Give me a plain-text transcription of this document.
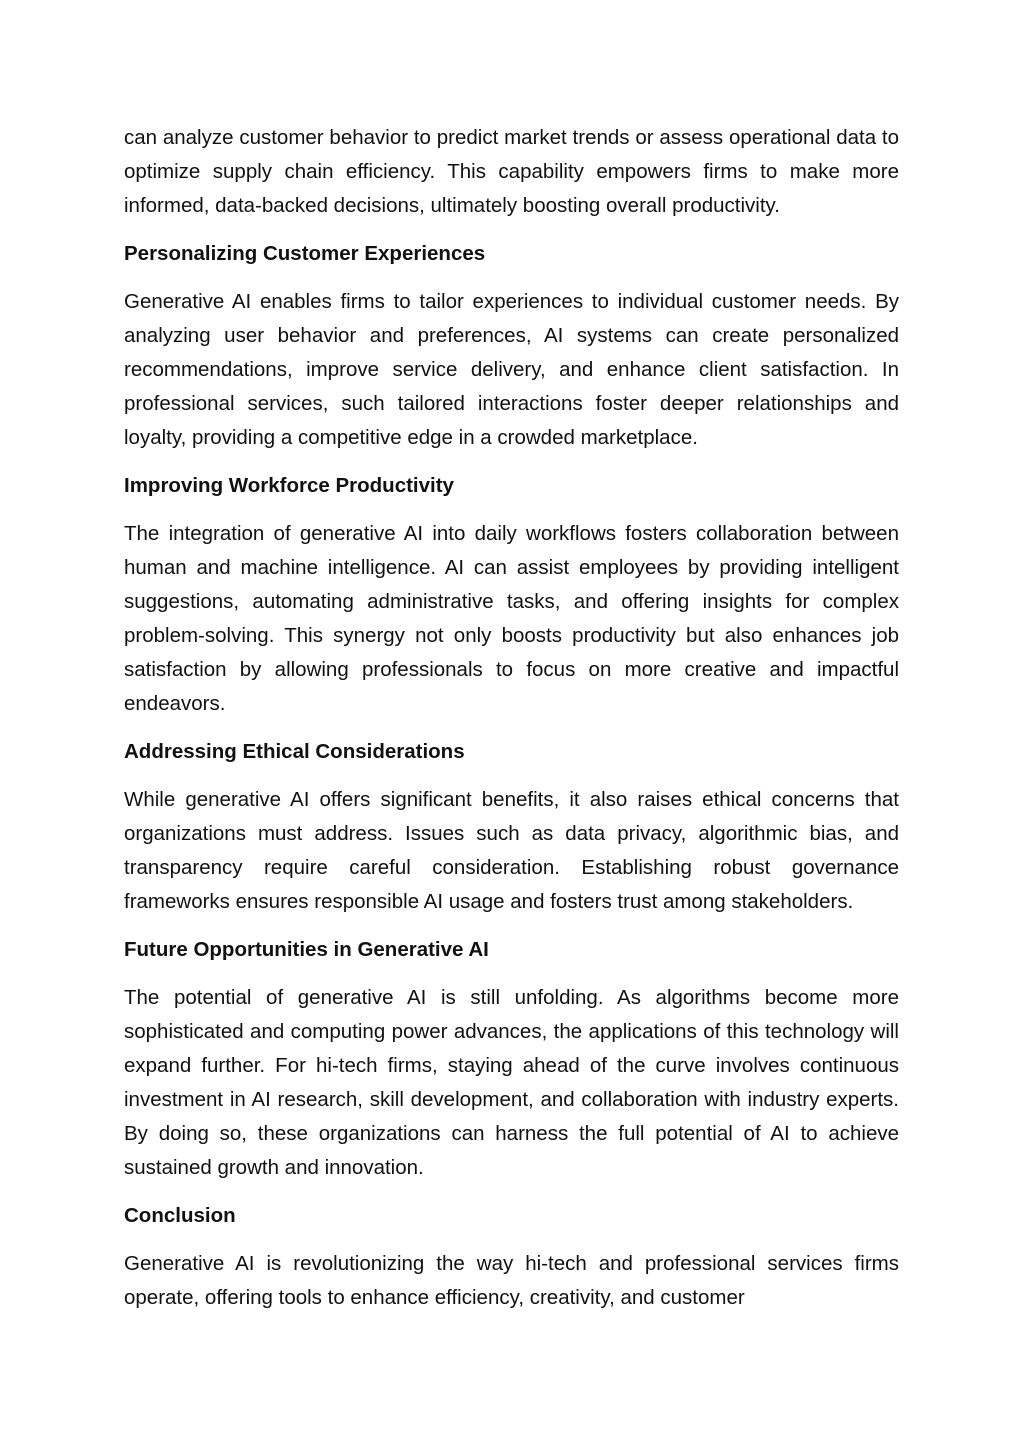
can analyze customer behavior to predict market trends or assess operational data to optimize supply chain efficiency. This capability empowers firms to make more informed, data-backed decisions, ultimately boosting overall productivity.

Personalizing Customer Experiences

Generative AI enables firms to tailor experiences to individual customer needs. By analyzing user behavior and preferences, AI systems can create personalized recommendations, improve service delivery, and enhance client satisfaction. In professional services, such tailored interactions foster deeper relationships and loyalty, providing a competitive edge in a crowded marketplace.

Improving Workforce Productivity

The integration of generative AI into daily workflows fosters collaboration between human and machine intelligence. AI can assist employees by providing intelligent suggestions, automating administrative tasks, and offering insights for complex problem-solving. This synergy not only boosts productivity but also enhances job satisfaction by allowing professionals to focus on more creative and impactful endeavors.

Addressing Ethical Considerations

While generative AI offers significant benefits, it also raises ethical concerns that organizations must address. Issues such as data privacy, algorithmic bias, and transparency require careful consideration. Establishing robust governance frameworks ensures responsible AI usage and fosters trust among stakeholders.

Future Opportunities in Generative AI

The potential of generative AI is still unfolding. As algorithms become more sophisticated and computing power advances, the applications of this technology will expand further. For hi-tech firms, staying ahead of the curve involves continuous investment in AI research, skill development, and collaboration with industry experts. By doing so, these organizations can harness the full potential of AI to achieve sustained growth and innovation.

Conclusion

Generative AI is revolutionizing the way hi-tech and professional services firms operate, offering tools to enhance efficiency, creativity, and customer
